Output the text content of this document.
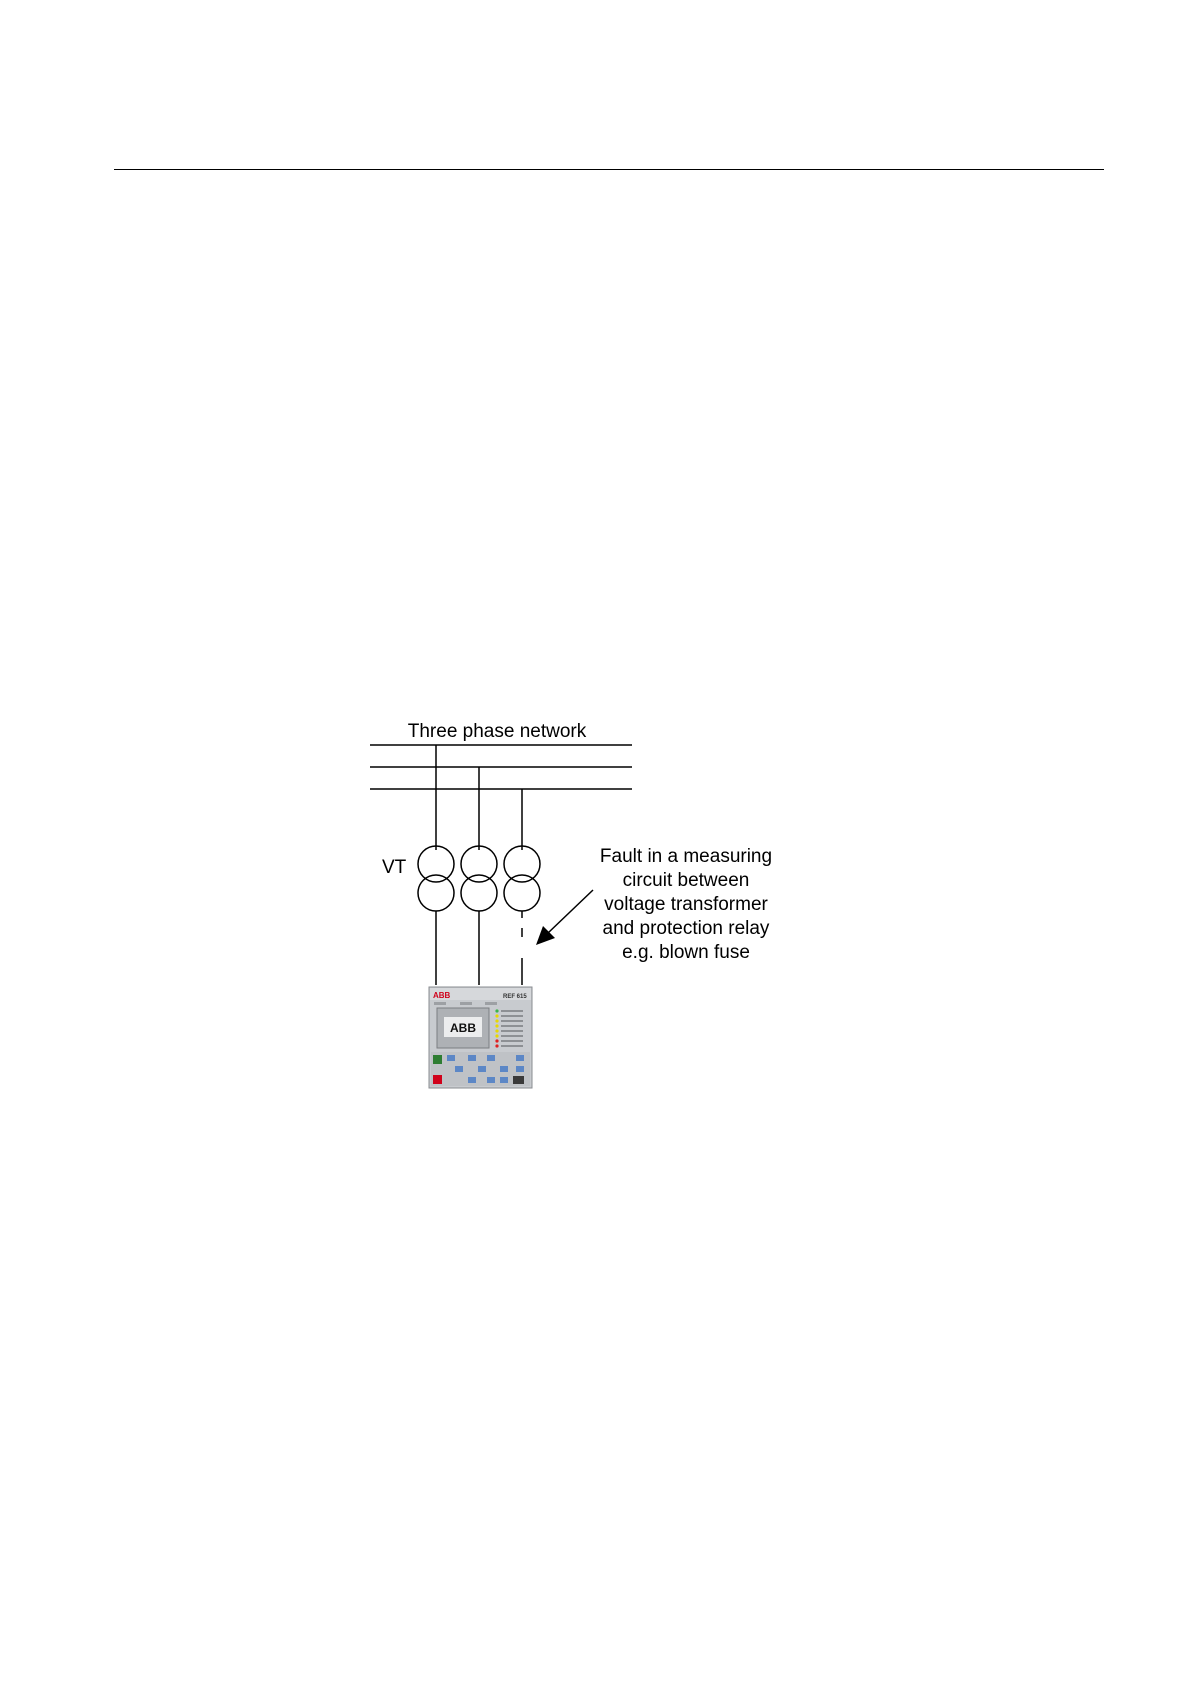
Three phase network
VT
Fault in a measuring
circuit between
voltage transformer
and protection relay
e.g. blown fuse
ABB	REF 615
ABB
